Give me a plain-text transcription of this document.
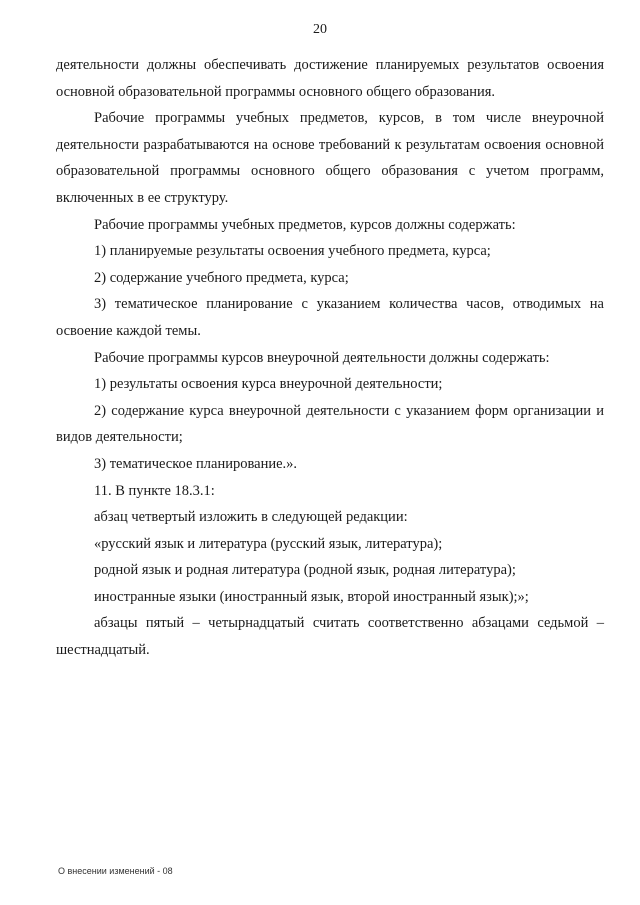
20

деятельности должны обеспечивать достижение планируемых результатов освоения основной образовательной программы основного общего образования.

Рабочие программы учебных предметов, курсов, в том числе внеурочной деятельности разрабатываются на основе требований к результатам освоения основной образовательной программы основного общего образования с учетом программ, включенных в ее структуру.

Рабочие программы учебных предметов, курсов должны содержать:

1) планируемые результаты освоения учебного предмета, курса;

2) содержание учебного предмета, курса;

3) тематическое планирование с указанием количества часов, отводимых на освоение каждой темы.

Рабочие программы курсов внеурочной деятельности должны содержать:

1) результаты освоения курса внеурочной деятельности;

2) содержание курса внеурочной деятельности с указанием форм организации и видов деятельности;

3) тематическое планирование.».

11. В пункте 18.3.1:

абзац четвертый изложить в следующей редакции:

«русский язык и литература (русский язык, литература);

родной язык и родная литература (родной язык, родная литература);

иностранные языки (иностранный язык, второй иностранный язык);»;

абзацы пятый – четырнадцатый считать соответственно абзацами седьмой – шестнадцатый.

О внесении изменений - 08
